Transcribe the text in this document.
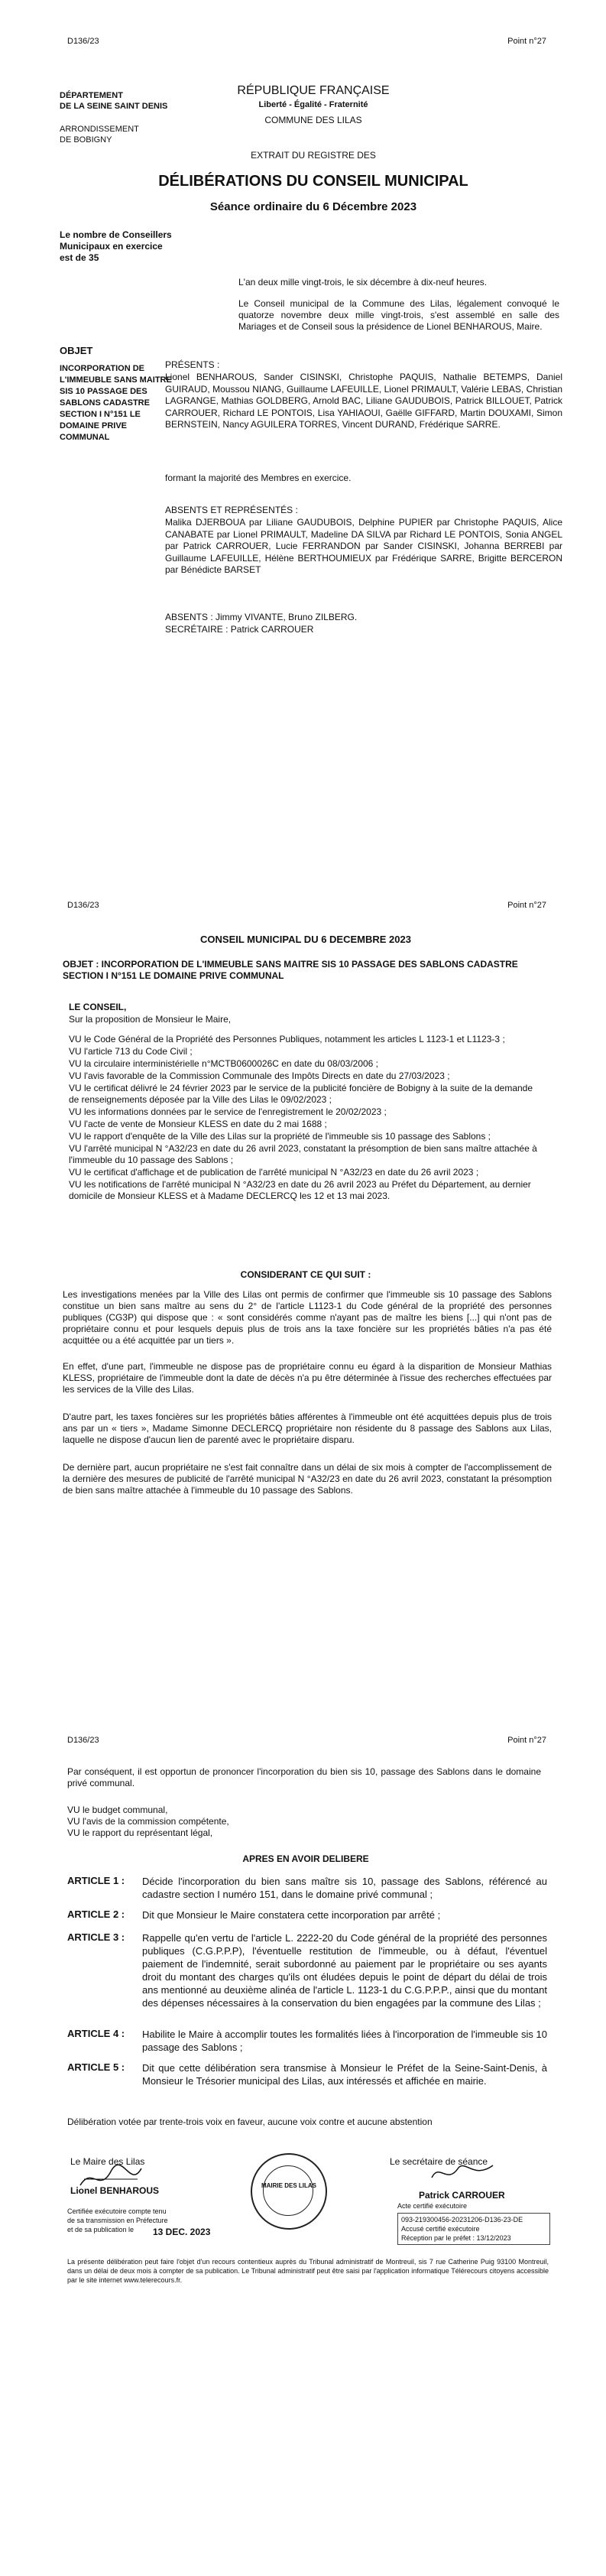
D136/23	Point n°27
DÉPARTEMENT
DE LA SEINE SAINT DENIS
ARRONDISSEMENT
DE BOBIGNY
RÉPUBLIQUE FRANÇAISE
Liberté - Égalité - Fraternité
COMMUNE DES LILAS
EXTRAIT DU REGISTRE DES
DÉLIBÉRATIONS DU CONSEIL MUNICIPAL
Séance ordinaire du 6 Décembre 2023
Le nombre de Conseillers
Municipaux en exercice
est de 35
L'an deux mille vingt-trois, le six décembre à dix-neuf heures.
Le Conseil municipal de la Commune des Lilas, légalement convoqué le quatorze novembre deux mille vingt-trois, s'est assemblé en salle des Mariages et de Conseil sous la présidence de Lionel BENHAROUS, Maire.
OBJET
INCORPORATION DE L'IMMEUBLE SANS MAITRE SIS 10 PASSAGE DES SABLONS CADASTRE SECTION I N°151 LE DOMAINE PRIVE COMMUNAL
PRÉSENTS :
Lionel BENHAROUS, Sander CISINSKI, Christophe PAQUIS, Nathalie BETEMPS, Daniel GUIRAUD, Moussou NIANG, Guillaume LAFEUILLE, Lionel PRIMAULT, Valérie LEBAS, Christian LAGRANGE, Mathias GOLDBERG, Arnold BAC, Liliane GAUDUBOIS, Patrick BILLOUET, Patrick CARROUER, Richard LE PONTOIS, Lisa YAHIAOUI, Gaëlle GIFFARD, Martin DOUXAMI, Simon BERNSTEIN, Nancy AGUILERA TORRES, Vincent DURAND, Frédérique SARRE.
formant la majorité des Membres en exercice.
ABSENTS ET REPRÉSENTÉS :
Malika DJERBOUA par Liliane GAUDUBOIS, Delphine PUPIER par Christophe PAQUIS, Alice CANABATE par Lionel PRIMAULT, Madeline DA SILVA par Richard LE PONTOIS, Sonia ANGEL par Patrick CARROUER, Lucie FERRANDON par Sander CISINSKI, Johanna BERREBI par Guillaume LAFEUILLE, Hélène BERTHOUMIEUX par Frédérique SARRE, Brigitte BERCERON par Bénédicte BARSET
ABSENTS : Jimmy VIVANTE, Bruno ZILBERG.
SECRÉTAIRE : Patrick CARROUER
D136/23	Point n°27
CONSEIL MUNICIPAL DU 6 DECEMBRE 2023
OBJET : INCORPORATION DE L'IMMEUBLE SANS MAITRE SIS 10 PASSAGE DES SABLONS CADASTRE SECTION I N°151 LE DOMAINE PRIVE COMMUNAL
LE CONSEIL,
Sur la proposition de Monsieur le Maire,
VU le Code Général de la Propriété des Personnes Publiques, notamment les articles L 1123-1 et L1123-3 ;
VU l'article 713 du Code Civil ;
VU la circulaire interministérielle n°MCTB0600026C en date du 08/03/2006 ;
VU l'avis favorable de la Commission Communale des Impôts Directs en date du 27/03/2023 ;
VU le certificat délivré le 24 février 2023 par le service de la publicité foncière de Bobigny à la suite de la demande de renseignements déposée par la Ville des Lilas le 09/02/2023 ;
VU les informations données par le service de l'enregistrement le 20/02/2023 ;
VU l'acte de vente de Monsieur KLESS en date du 2 mai 1688 ;
VU le rapport d'enquête de la Ville des Lilas sur la propriété de l'immeuble sis 10 passage des Sablons ;
VU l'arrêté municipal N °A32/23 en date du 26 avril 2023, constatant la présomption de bien sans maître attachée à l'immeuble du 10 passage des Sablons ;
VU le certificat d'affichage et de publication de l'arrêté municipal N °A32/23 en date du 26 avril 2023 ;
VU les notifications de l'arrêté municipal N °A32/23 en date du 26 avril 2023 au Préfet du Département, au dernier domicile de Monsieur KLESS et à Madame DECLERCQ les 12 et 13 mai 2023.
CONSIDERANT CE QUI SUIT :
Les investigations menées par la Ville des Lilas ont permis de confirmer que l'immeuble sis 10 passage des Sablons constitue un bien sans maître au sens du 2° de l'article L1123-1 du Code général de la propriété des personnes publiques (CG3P) qui dispose que : « sont considérés comme n'ayant pas de maître les biens [...] qui n'ont pas de propriétaire connu et pour lesquels depuis plus de trois ans la taxe foncière sur les propriétés bâties n'a pas été acquittée ou a été acquittée par un tiers ».
En effet, d'une part, l'immeuble ne dispose pas de propriétaire connu eu égard à la disparition de Monsieur Mathias KLESS, propriétaire de l'immeuble dont la date de décès n'a pu être déterminée à l'issue des recherches effectuées par les services de la Ville des Lilas.
D'autre part, les taxes foncières sur les propriétés bâties afférentes à l'immeuble ont été acquittées depuis plus de trois ans par un « tiers », Madame Simonne DECLERCQ propriétaire non résidente du 8 passage des Sablons aux Lilas, laquelle ne dispose d'aucun lien de parenté avec le propriétaire disparu.
De dernière part, aucun propriétaire ne s'est fait connaître dans un délai de six mois à compter de l'accomplissement de la dernière des mesures de publicité de l'arrêté municipal N °A32/23 en date du 26 avril 2023, constatant la présomption de bien sans maître attachée à l'immeuble du 10 passage des Sablons.
D136/23	Point n°27
Par conséquent, il est opportun de prononcer l'incorporation du bien sis 10, passage des Sablons dans le domaine privé communal.
VU le budget communal,
VU l'avis de la commission compétente,
VU le rapport du représentant légal,
APRES EN AVOIR DELIBERE
ARTICLE 1 : Décide l'incorporation du bien sans maître sis 10, passage des Sablons, référencé au cadastre section I numéro 151, dans le domaine privé communal ;
ARTICLE 2 : Dit que Monsieur le Maire constatera cette incorporation par arrêté ;
ARTICLE 3 : Rappelle qu'en vertu de l'article L. 2222-20 du Code général de la propriété des personnes publiques (C.G.P.P.P), l'éventuelle restitution de l'immeuble, ou à défaut, l'éventuel paiement de l'indemnité, serait subordonné au paiement par le propriétaire ou ses ayants droit du montant des charges qu'ils ont éludées depuis le point de départ du délai de trois ans mentionné au deuxième alinéa de l'article L. 1123-1 du C.G.P.P.P., ainsi que du montant des dépenses nécessaires à la conservation du bien engagées par la commune des Lilas ;
ARTICLE 4 : Habilite le Maire à accomplir toutes les formalités liées à l'incorporation de l'immeuble sis 10 passage des Sablons ;
ARTICLE 5 : Dit que cette délibération sera transmise à Monsieur le Préfet de la Seine-Saint-Denis, à Monsieur le Trésorier municipal des Lilas, aux intéressés et affichée en mairie.
Délibération votée par trente-trois voix en faveur, aucune voix contre et aucune abstention
Le Maire des Lilas
Lionel BENHAROUS	MAIRIE DES LILAS
Le secrétaire de séance
Patrick CARROUER
Acte certifié exécutoire
093-219300456-20231206-D136-23-DE
Accusé certifié exécutoire
Réception par le préfet : 13/12/2023
Certifiée exécutoire compte tenu
de sa transmission en Préfecture
et de sa publication le	13 DEC. 2023
La présente délibération peut faire l'objet d'un recours contentieux auprès du Tribunal administratif de Montreuil, sis 7 rue Catherine Puig 93100 Montreuil, dans un délai de deux mois à compter de sa publication. Le Tribunal administratif peut être saisi par l'application informatique Télérecours citoyens accessible par le site internet www.telerecours.fr.
